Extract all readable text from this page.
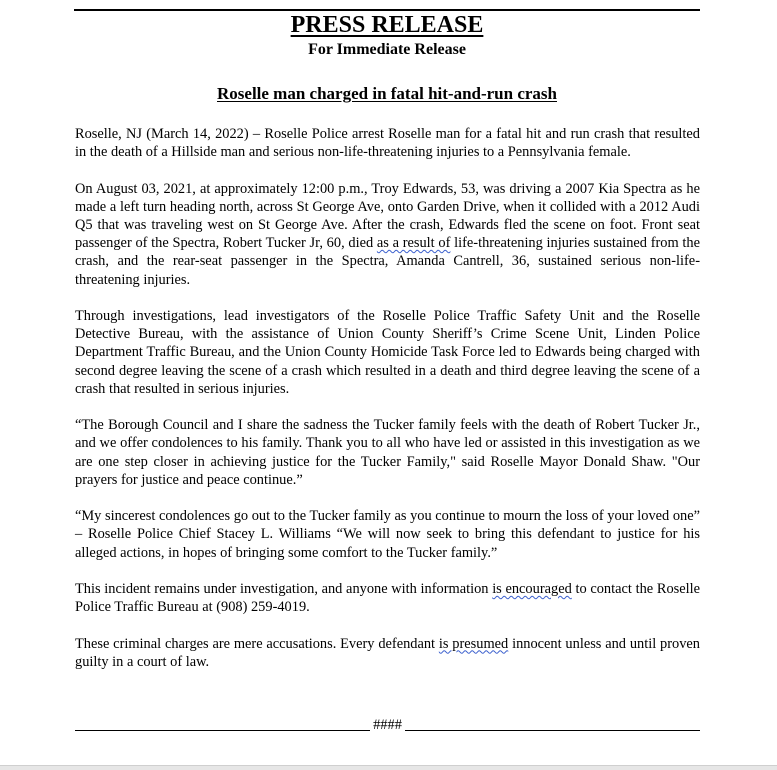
PRESS RELEASE
For Immediate Release
Roselle man charged in fatal hit-and-run crash

Roselle, NJ (March 14, 2022) – Roselle Police arrest Roselle man for a fatal hit and run crash that resulted in the death of a Hillside man and serious non-life-threatening injuries to a Pennsylvania female.

On August 03, 2021, at approximately 12:00 p.m., Troy Edwards, 53, was driving a 2007 Kia Spectra as he made a left turn heading north, across St George Ave, onto Garden Drive, when it collided with a 2012 Audi Q5 that was traveling west on St George Ave. After the crash, Edwards fled the scene on foot. Front seat passenger of the Spectra, Robert Tucker Jr, 60, died as a result of life-threatening injuries sustained from the crash, and the rear-seat passenger in the Spectra, Amanda Cantrell, 36, sustained serious non-life-threatening injuries.

Through investigations, lead investigators of the Roselle Police Traffic Safety Unit and the Roselle Detective Bureau, with the assistance of Union County Sheriff’s Crime Scene Unit, Linden Police Department Traffic Bureau, and the Union County Homicide Task Force led to Edwards being charged with second degree leaving the scene of a crash which resulted in a death and third degree leaving the scene of a crash that resulted in serious injuries.

“The Borough Council and I share the sadness the Tucker family feels with the death of Robert Tucker Jr., and we offer condolences to his family. Thank you to all who have led or assisted in this investigation as we are one step closer in achieving justice for the Tucker Family," said Roselle Mayor Donald Shaw. "Our prayers for justice and peace continue.”

“My sincerest condolences go out to the Tucker family as you continue to mourn the loss of your loved one” – Roselle Police Chief Stacey L. Williams “We will now seek to bring this defendant to justice for his alleged actions, in hopes of bringing some comfort to the Tucker family.”

This incident remains under investigation, and anyone with information is encouraged to contact the Roselle Police Traffic Bureau at (908) 259-4019.

These criminal charges are mere accusations. Every defendant is presumed innocent unless and until proven guilty in a court of law.

####
